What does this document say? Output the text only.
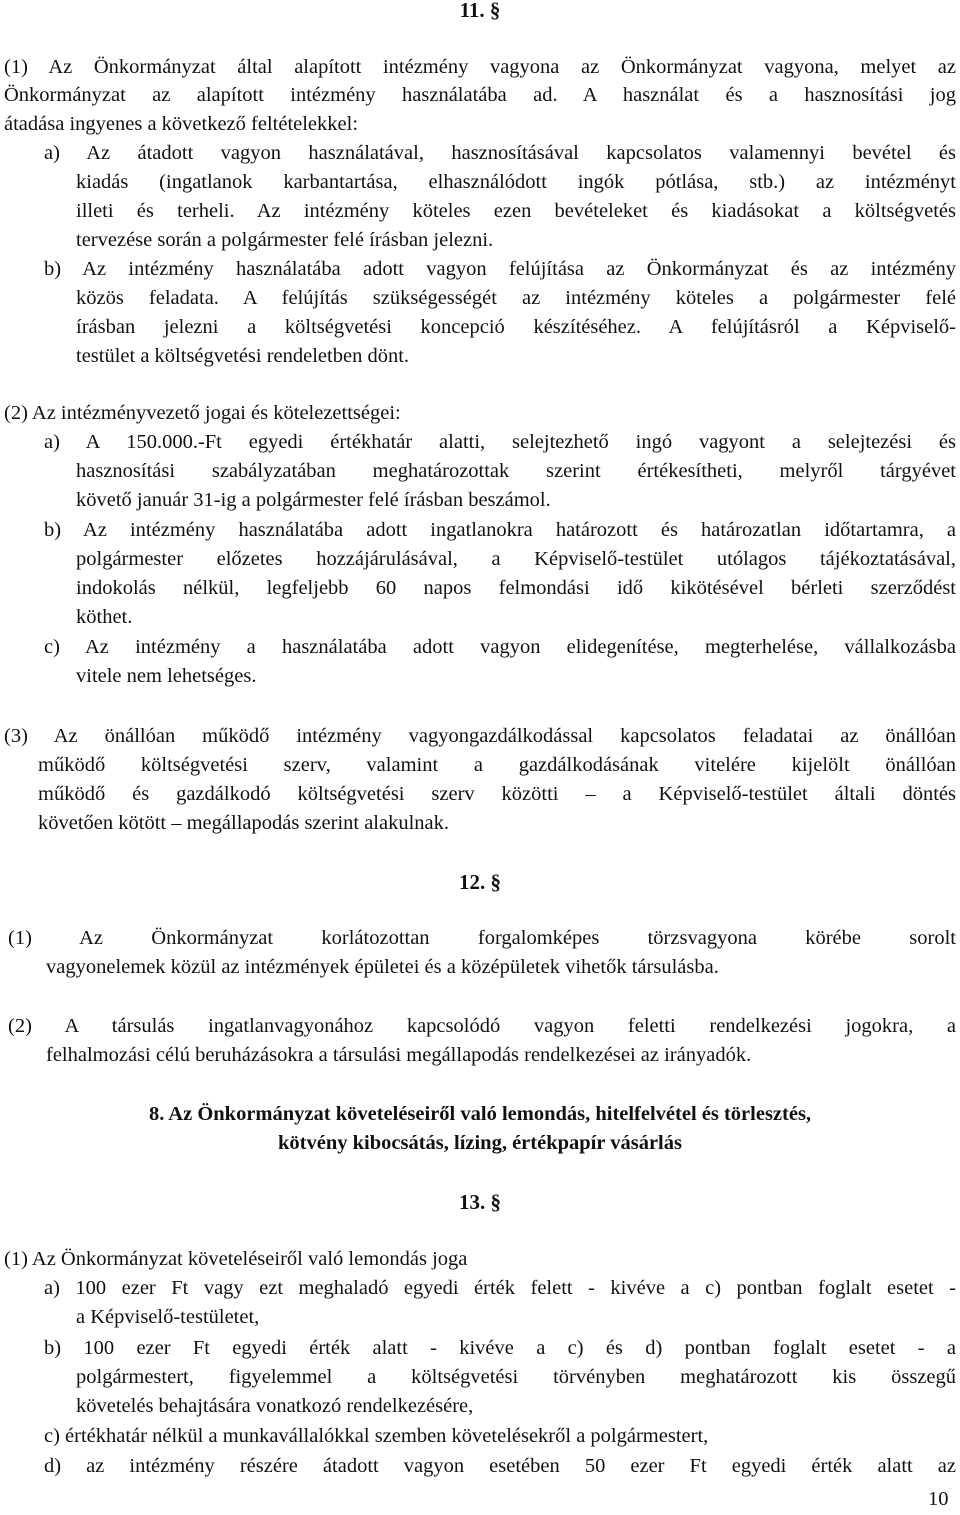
11. §
(1) Az Önkormányzat által alapított intézmény vagyona az Önkormányzat vagyona, melyet az
Önkormányzat az alapított intézmény használatába ad. A használat és a hasznosítási jog
átadása ingyenes a következő feltételekkel:
a) Az átadott vagyon használatával, hasznosításával kapcsolatos valamennyi bevétel és
kiadás (ingatlanok karbantartása, elhasználódott ingók pótlása, stb.) az intézményt
illeti és terheli. Az intézmény köteles ezen bevételeket és kiadásokat a költségvetés
tervezése során a polgármester felé írásban jelezni.
b) Az intézmény használatába adott vagyon felújítása az Önkormányzat és az intézmény
közös feladata. A felújítás szükségességét az intézmény köteles a polgármester felé
írásban jelezni a költségvetési koncepció készítéséhez. A felújításról a Képviselő-
testület a költségvetési rendeletben dönt.
(2) Az intézményvezető jogai és kötelezettségei:
a) A 150.000.-Ft egyedi értékhatár alatti, selejtezhető ingó vagyont a selejtezési és
hasznosítási szabályzatában meghatározottak szerint értékesítheti, melyről tárgyévet
követő január 31-ig a polgármester felé írásban beszámol.
b) Az intézmény használatába adott ingatlanokra határozott és határozatlan időtartamra, a
polgármester előzetes hozzájárulásával, a Képviselő-testület utólagos tájékoztatásával,
indokolás nélkül, legfeljebb 60 napos felmondási idő kikötésével bérleti szerződést
köthet.
c) Az intézmény a használatába adott vagyon elidegenítése, megterhelése, vállalkozásba
vitele nem lehetséges.
(3) Az önállóan működő intézmény vagyongazdálkodással kapcsolatos feladatai az önállóan
működő költségvetési szerv, valamint a gazdálkodásának vitelére kijelölt önállóan
működő és gazdálkodó költségvetési szerv közötti – a Képviselő-testület általi döntés
követően kötött – megállapodás szerint alakulnak.
12. §
(1) Az Önkormányzat korlátozottan forgalomképes törzsvagyona körébe sorolt
vagyonelemek közül az intézmények épületei és a középületek vihetők társulásba.
(2) A társulás ingatlanvagyonához kapcsolódó vagyon feletti rendelkezési jogokra, a
felhalmozási célú beruházásokra a társulási megállapodás rendelkezései az irányadók.
8. Az Önkormányzat követeléseiről való lemondás, hitelfelvétel és törlesztés,
kötvény kibocsátás, lízing, értékpapír vásárlás
13. §
(1) Az Önkormányzat követeléseiről való lemondás joga
a) 100 ezer Ft vagy ezt meghaladó egyedi érték felett - kivéve a c) pontban foglalt esetet -
a Képviselő-testületet,
b) 100 ezer Ft egyedi érték alatt - kivéve a c) és d) pontban foglalt esetet - a
polgármestert, figyelemmel a költségvetési törvényben meghatározott kis összegű
követelés behajtására vonatkozó rendelkezésére,
c) értékhatár nélkül a munkavállalókkal szemben követelésekről a polgármestert,
d) az intézmény részére átadott vagyon esetében 50 ezer Ft egyedi érték alatt az
10
